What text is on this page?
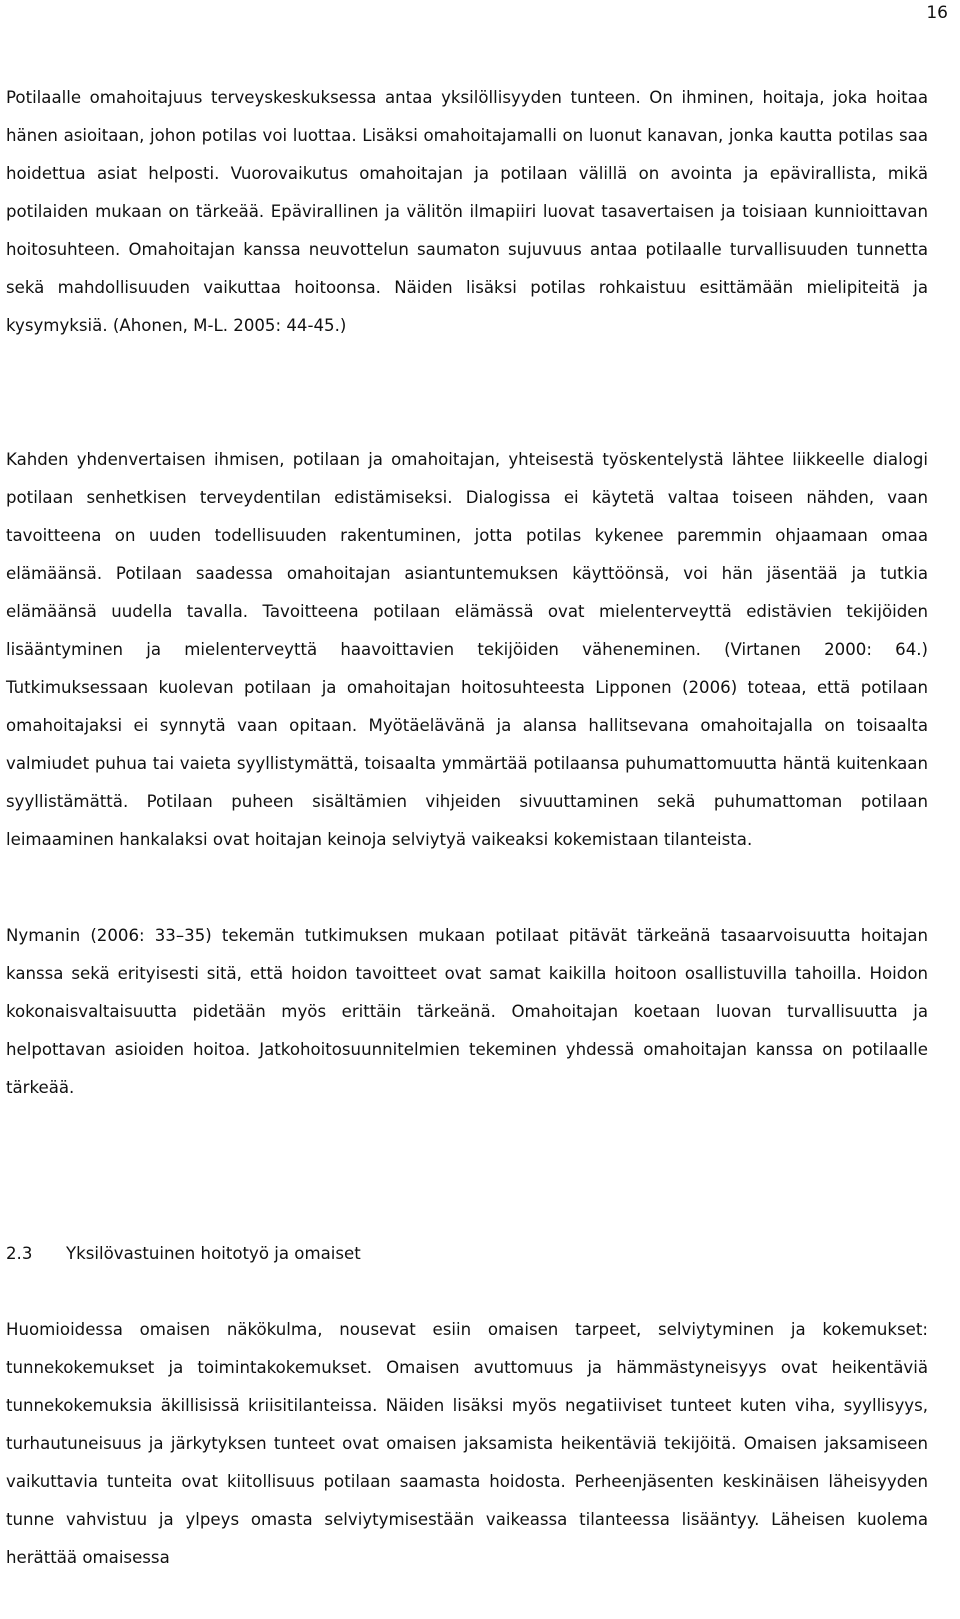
16

Potilaalle omahoitajuus terveyskeskuksessa antaa yksilöllisyyden tunteen. On ihminen, hoitaja, joka hoitaa hänen asioitaan, johon potilas voi luottaa. Lisäksi omahoitajamalli on luonut kanavan, jonka kautta potilas saa hoidettua asiat helposti. Vuorovaikutus omahoitajan ja potilaan välillä on avointa ja epävirallista, mikä potilaiden mukaan on tärkeää. Epävirallinen ja välitön ilmapiiri luovat tasavertaisen ja toisiaan kunnioittavan hoitosuhteen. Omahoitajan kanssa neuvottelun saumaton sujuvuus antaa potilaalle turvallisuuden tunnetta sekä mahdollisuuden vaikuttaa hoitoonsa. Näiden lisäksi potilas rohkaistuu esittämään mielipiteitä ja kysymyksiä. (Ahonen, M-L. 2005: 44-45.)

Kahden yhdenvertaisen ihmisen, potilaan ja omahoitajan, yhteisestä työskentelystä lähtee liikkeelle dialogi potilaan senhetkisen terveydentilan edistämiseksi. Dialogissa ei käytetä valtaa toiseen nähden, vaan tavoitteena on uuden todellisuuden rakentuminen, jotta potilas kykenee paremmin ohjaamaan omaa elämäänsä. Potilaan saadessa omahoitajan asiantuntemuksen käyttöönsä, voi hän jäsentää ja tutkia elämäänsä uudella tavalla. Tavoitteena potilaan elämässä ovat mielenterveyttä edistävien tekijöiden lisääntyminen ja mielenterveyttä haavoittavien tekijöiden väheneminen. (Virtanen 2000: 64.) Tutkimuksessaan kuolevan potilaan ja omahoitajan hoitosuhteesta Lipponen (2006) toteaa, että potilaan omahoitajaksi ei synnytä vaan opitaan. Myötäelävänä ja alansa hallitsevana omahoitajalla on toisaalta valmiudet puhua tai vaieta syyllistymättä, toisaalta ymmärtää potilaansa puhumattomuutta häntä kuitenkaan syyllistämättä. Potilaan puheen sisältämien vihjeiden sivuuttaminen sekä puhumattoman potilaan leimaaminen hankalaksi ovat hoitajan keinoja selviytyä vaikeaksi kokemistaan tilanteista.

Nymanin (2006: 33–35) tekemän tutkimuksen mukaan potilaat pitävät tärkeänä tasaarvoisuutta hoitajan kanssa sekä erityisesti sitä, että hoidon tavoitteet ovat samat kaikilla hoitoon osallistuvilla tahoilla. Hoidon kokonaisvaltaisuutta pidetään myös erittäin tärkeänä. Omahoitajan koetaan luovan turvallisuutta ja helpottavan asioiden hoitoa. Jatkohoitosuunnitelmien tekeminen yhdessä omahoitajan kanssa on potilaalle tärkeää.

2.3 Yksilövastuinen hoitotyö ja omaiset

Huomioidessa omaisen näkökulma, nousevat esiin omaisen tarpeet, selviytyminen ja kokemukset: tunnekokemukset ja toimintakokemukset. Omaisen avuttomuus ja hämmästyneisyys ovat heikentäviä tunnekokemuksia äkillisissä kriisitilanteissa. Näiden lisäksi myös negatiiviset tunteet kuten viha, syyllisyys, turhautuneisuus ja järkytyksen tunteet ovat omaisen jaksamista heikentäviä tekijöitä. Omaisen jaksamiseen vaikuttavia tunteita ovat kiitollisuus potilaan saamasta hoidosta. Perheenjäsenten keskinäisen läheisyyden tunne vahvistuu ja ylpeys omasta selviytymisestään vaikeassa tilanteessa lisääntyy. Läheisen kuolema herättää omaisessa
